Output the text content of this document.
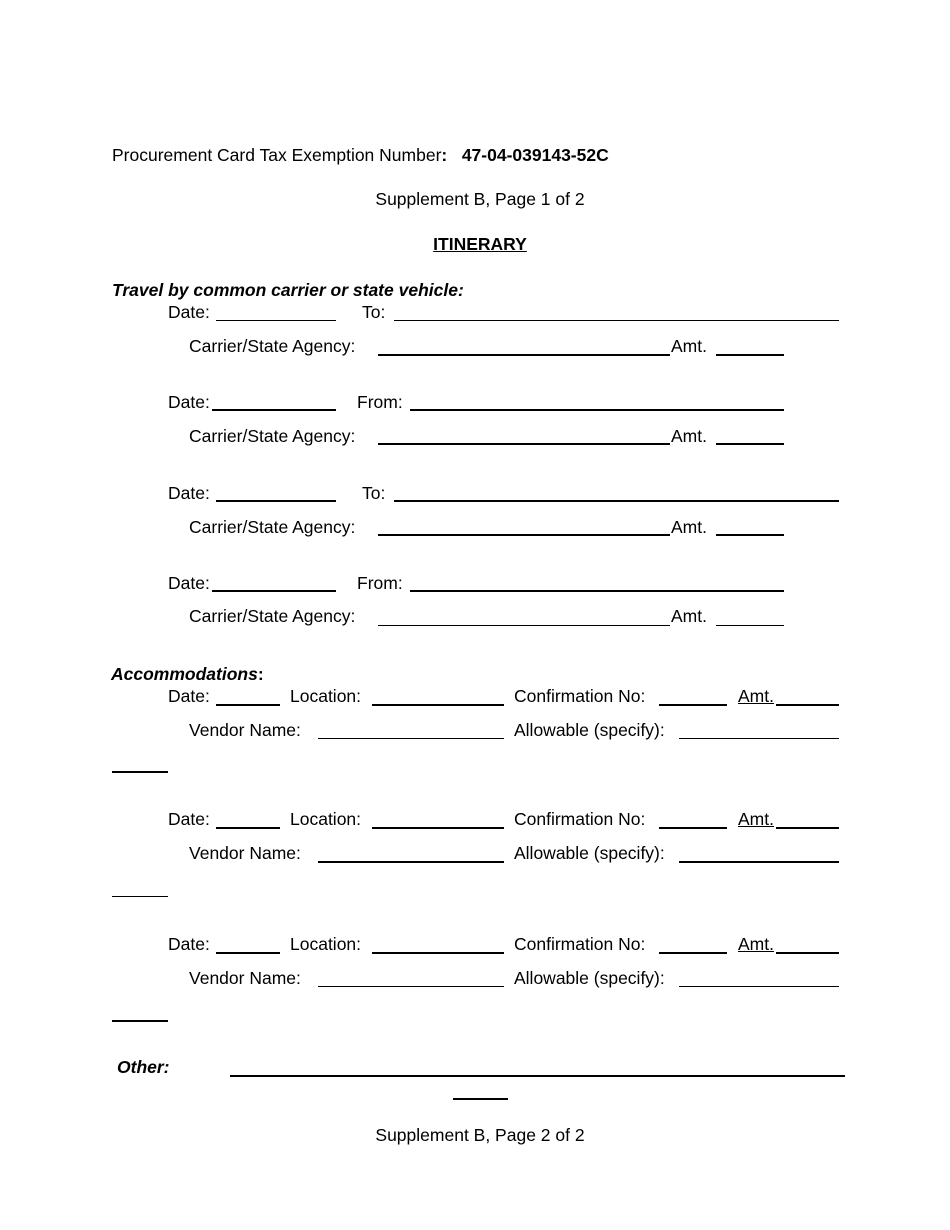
Procurement Card Tax Exemption Number: 47-04-039143-52C
Supplement B, Page 1 of 2
ITINERARY
Travel by common carrier or state vehicle:
Date:	To:
Carrier/State Agency:	Amt.
Date:	From:
Carrier/State Agency:	Amt.
Date:	To:
Carrier/State Agency:	Amt.
Date:	From:
Carrier/State Agency:	Amt.
Accommodations:
Date:	Location:	Confirmation No:	Amt.
Vendor Name:	Allowable (specify):
Date:	Location:	Confirmation No:	Amt.
Vendor Name:	Allowable (specify):
Date:	Location:	Confirmation No:	Amt.
Vendor Name:	Allowable (specify):
Other:
Supplement B, Page 2 of 2
